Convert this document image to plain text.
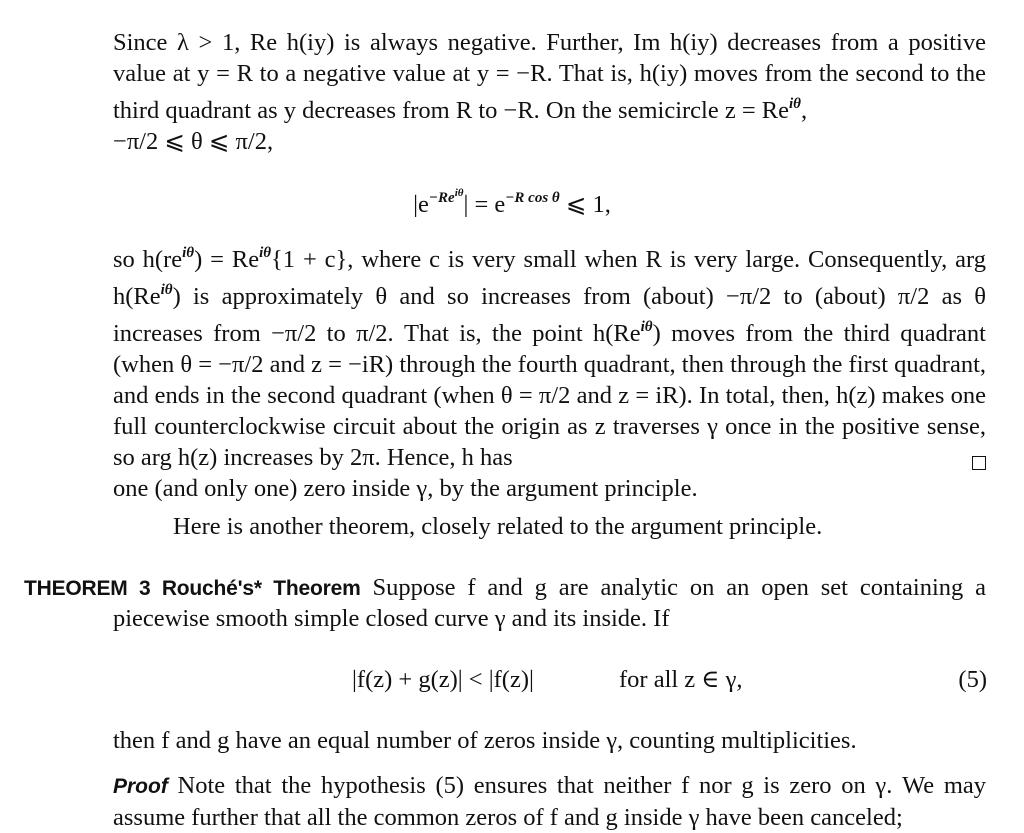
Since λ > 1, Re h(iy) is always negative. Further, Im h(iy) decreases from a positive value at y = R to a negative value at y = −R. That is, h(iy) moves from the second to the third quadrant as y decreases from R to −R. On the semicircle $z = Re^{i\theta}$,
−π/2 ⩽ θ ⩽ π/2,

$|e^{-Rei\theta}| = e^{-R cos \theta}$ ⩽ 1,

so $h(re^{i\theta}) = Re^{i\theta}\{1 + c\}$, where c is very small when R is very large. Consequently, arg $h(Re^{i\theta})$ is approximately θ and so increases from (about) −π/2 to (about) π/2 as θ increases from −π/2 to π/2. That is, the point $h(Re^{i\theta})$ moves from the third quadrant (when θ = −π/2 and z = −iR) through the fourth quadrant, then through the first quadrant, and ends in the second quadrant (when θ = π/2 and z = iR). In total, then, h(z) makes one full counterclockwise circuit about the origin as z traverses γ once in the positive sense, so arg h(z) increases by 2π. Hence, h has
one (and only one) zero inside γ, by the argument principle.

Here is another theorem, closely related to the argument principle.

THEOREM 3 Rouché's* Theorem Suppose f and g are analytic on an open set containing a

piecewise smooth simple closed curve γ and its inside. If

|f(z) + g(z)| < |f(z)|	for all z ∈ γ,	(5)

then f and g have an equal number of zeros inside γ, counting multiplicities.

Proof Note that the hypothesis (5) ensures that neither f nor g is zero on γ. We may assume further that all the common zeros of f and g inside γ have been canceled;
